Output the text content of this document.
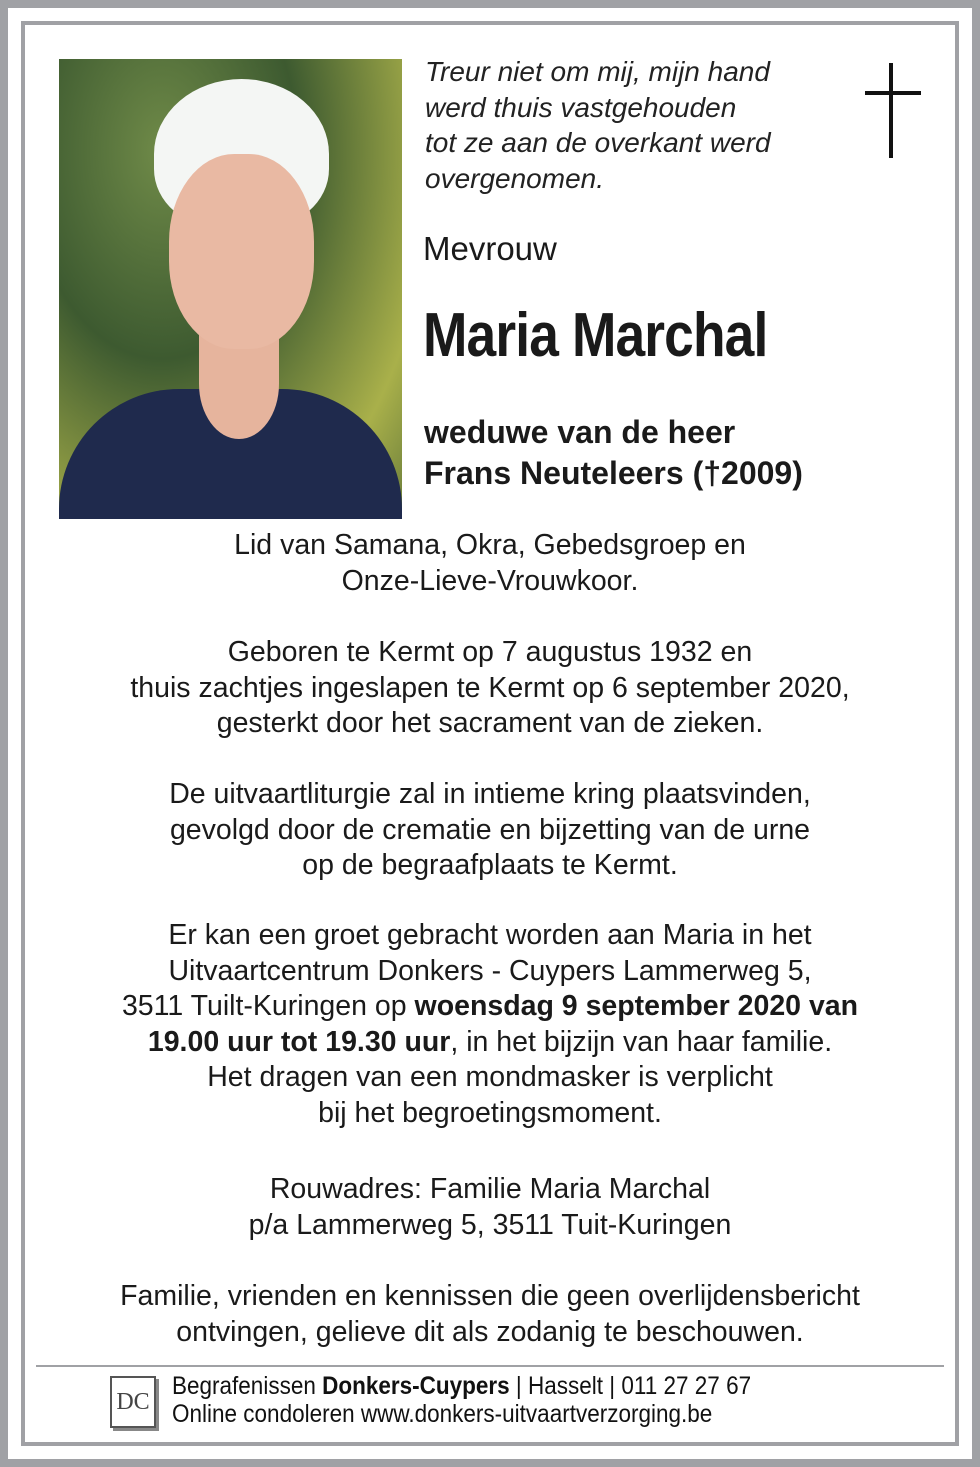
Treur niet om mij, mijn hand
werd thuis vastgehouden
tot ze aan de overkant werd
overgenomen.
Mevrouw
Maria Marchal
weduwe van de heer
Frans Neuteleers (†2009)
Lid van Samana, Okra, Gebedsgroep en
Onze-Lieve-Vrouwkoor.
Geboren te Kermt op 7 augustus 1932 en
thuis zachtjes ingeslapen te Kermt op 6 september 2020,
gesterkt door het sacrament van de zieken.
De uitvaartliturgie zal in intieme kring plaatsvinden,
gevolgd door de crematie en bijzetting van de urne
op de begraafplaats te Kermt.
Er kan een groet gebracht worden aan Maria in het
Uitvaartcentrum Donkers - Cuypers Lammerweg 5,
3511 Tuilt-Kuringen op woensdag 9 september 2020 van
19.00 uur tot 19.30 uur, in het bijzijn van haar familie.
Het dragen van een mondmasker is verplicht
bij het begroetingsmoment.
Rouwadres: Familie Maria Marchal
p/a Lammerweg 5, 3511 Tuit-Kuringen
Familie, vrienden en kennissen die geen overlijdensbericht
ontvingen, gelieve dit als zodanig te beschouwen.
DC
Begrafenissen Donkers-Cuypers | Hasselt | 011 27 27 67
Online condoleren www.donkers-uitvaartverzorging.be
